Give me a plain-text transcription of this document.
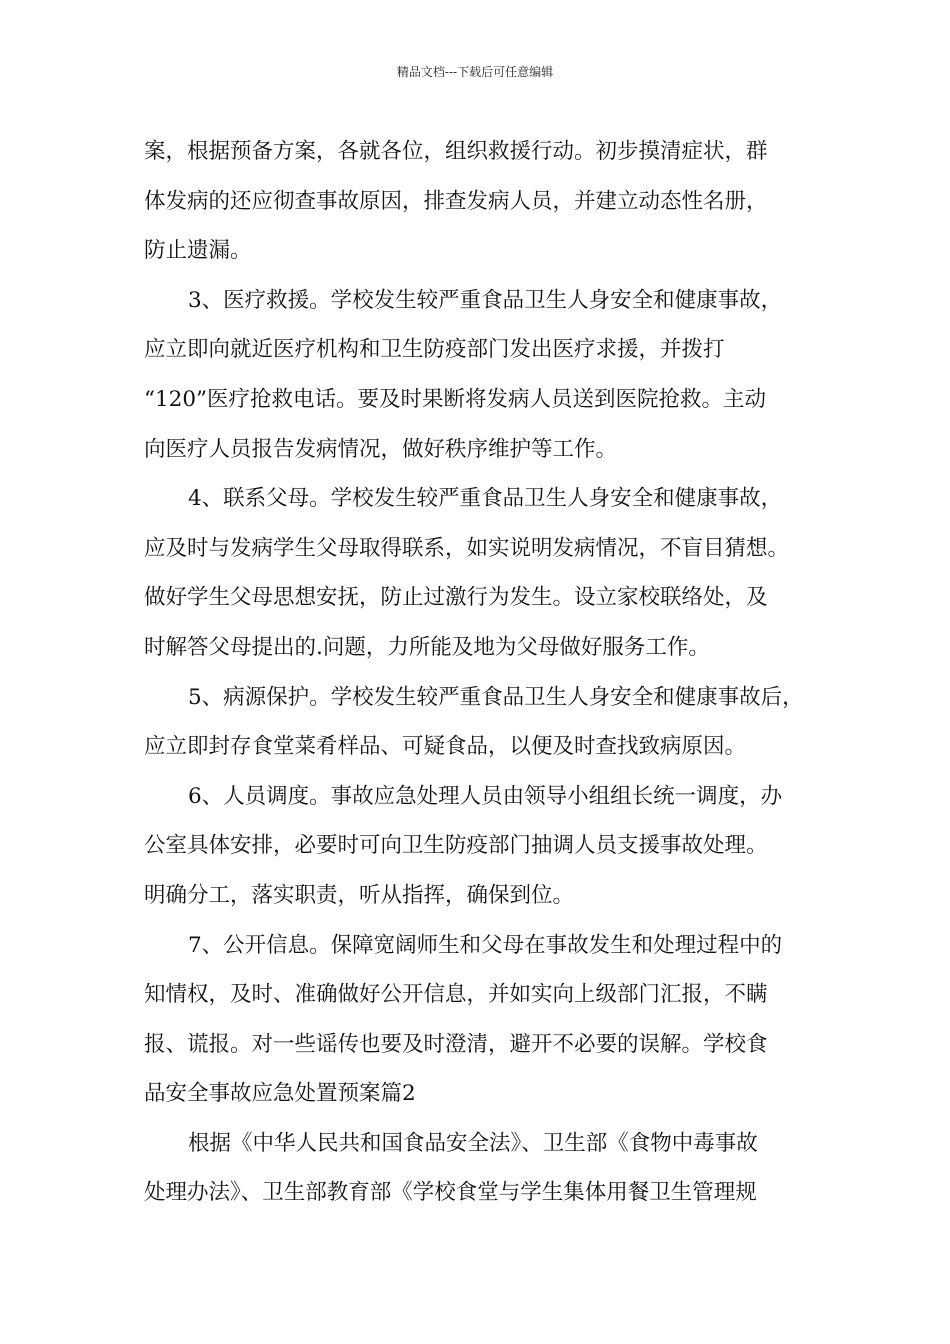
精品文档---下载后可任意编辑
案，根据预备方案，各就各位，组织救援行动。初步摸清症状，群
体发病的还应彻查事故原因，排查发病人员，并建立动态性名册，
防止遗漏。
3、医疗救援。学校发生较严重食品卫生人身安全和健康事故，
应立即向就近医疗机构和卫生防疫部门发出医疗求援，并拨打
“120”医疗抢救电话。要及时果断将发病人员送到医院抢救。主动
向医疗人员报告发病情况，做好秩序维护等工作。
4、联系父母。学校发生较严重食品卫生人身安全和健康事故，
应及时与发病学生父母取得联系，如实说明发病情况，不盲目猜想。
做好学生父母思想安抚，防止过激行为发生。设立家校联络处，及
时解答父母提出的.问题，力所能及地为父母做好服务工作。
5、病源保护。学校发生较严重食品卫生人身安全和健康事故后，
应立即封存食堂菜肴样品、可疑食品，以便及时查找致病原因。
6、人员调度。事故应急处理人员由领导小组组长统一调度，办
公室具体安排，必要时可向卫生防疫部门抽调人员支援事故处理。
明确分工，落实职责，听从指挥，确保到位。
7、公开信息。保障宽阔师生和父母在事故发生和处理过程中的
知情权，及时、准确做好公开信息，并如实向上级部门汇报，不瞒
报、谎报。对一些谣传也要及时澄清，避开不必要的误解。学校食
品安全事故应急处置预案篇2
根据《中华人民共和国食品安全法》、卫生部《食物中毒事故
处理办法》、卫生部教育部《学校食堂与学生集体用餐卫生管理规
